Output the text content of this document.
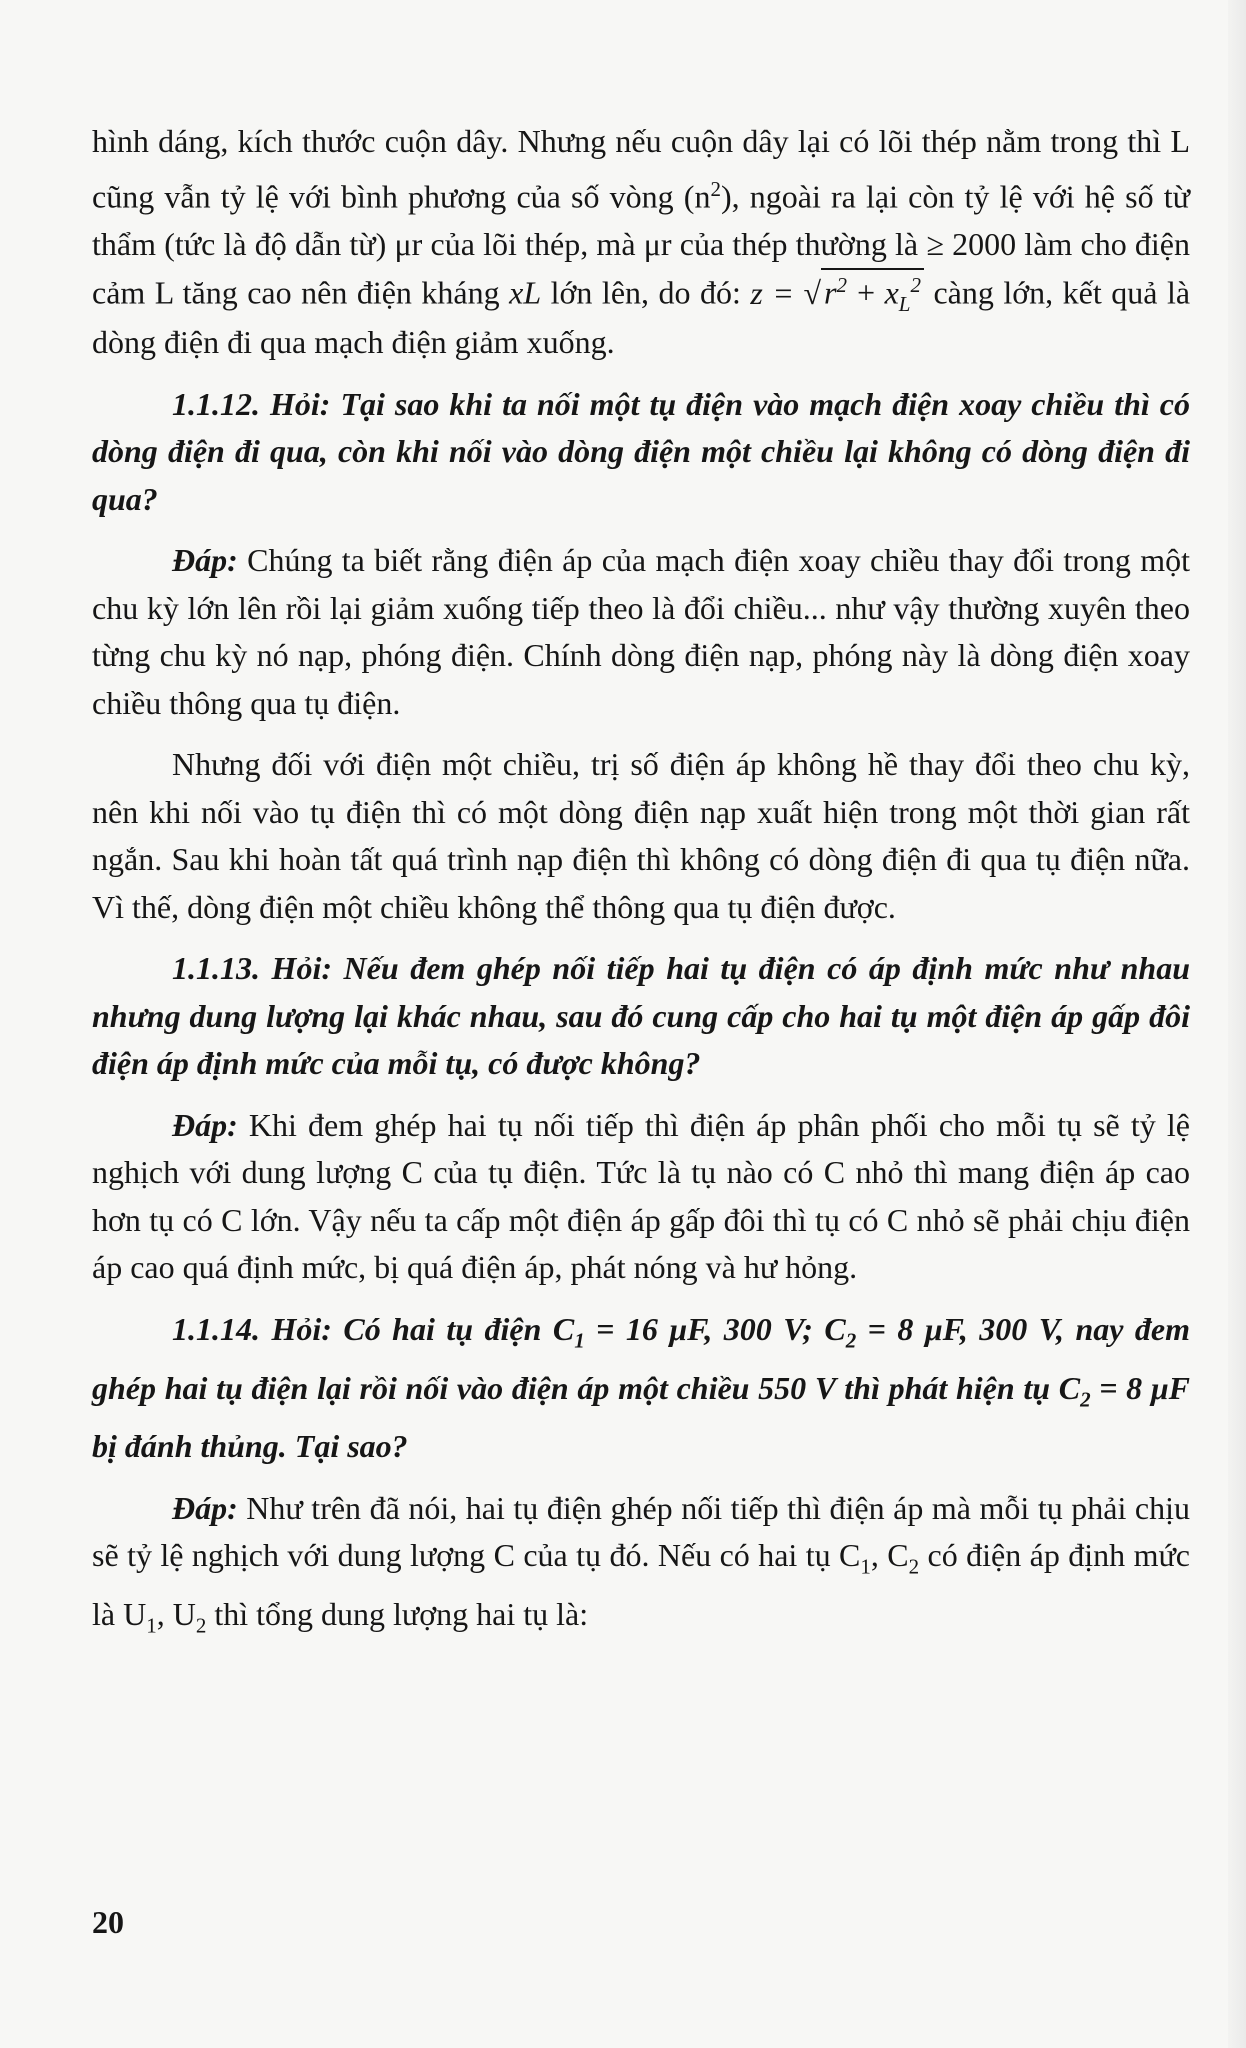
hình dáng, kích thước cuộn dây. Nhưng nếu cuộn dây lại có lõi thép nằm trong thì L cũng vẫn tỷ lệ với bình phương của số vòng $(n^2)$, ngoài ra lại còn tỷ lệ với hệ số từ thẩm (tức là độ dẫn từ) μr của lõi thép, mà μr của thép thường là ≥ 2000 làm cho điện cảm L tăng cao nên điện kháng xL lớn lên, do đó: $z = √r^2 + x_L^2$ càng lớn, kết quả là dòng điện đi qua mạch điện giảm xuống.

1.1.12. Hỏi: Tại sao khi ta nối một tụ điện vào mạch điện xoay chiều thì có dòng điện đi qua, còn khi nối vào dòng điện một chiều lại không có dòng điện đi qua?

Đáp: Chúng ta biết rằng điện áp của mạch điện xoay chiều thay đổi trong một chu kỳ lớn lên rồi lại giảm xuống tiếp theo là đổi chiều... như vậy thường xuyên theo từng chu kỳ nó nạp, phóng điện. Chính dòng điện nạp, phóng này là dòng điện xoay chiều thông qua tụ điện.

Nhưng đối với điện một chiều, trị số điện áp không hề thay đổi theo chu kỳ, nên khi nối vào tụ điện thì có một dòng điện nạp xuất hiện trong một thời gian rất ngắn. Sau khi hoàn tất quá trình nạp điện thì không có dòng điện đi qua tụ điện nữa. Vì thế, dòng điện một chiều không thể thông qua tụ điện được.

1.1.13. Hỏi: Nếu đem ghép nối tiếp hai tụ điện có áp định mức như nhau nhưng dung lượng lại khác nhau, sau đó cung cấp cho hai tụ một điện áp gấp đôi điện áp định mức của mỗi tụ, có được không?

Đáp: Khi đem ghép hai tụ nối tiếp thì điện áp phân phối cho mỗi tụ sẽ tỷ lệ nghịch với dung lượng C của tụ điện. Tức là tụ nào có C nhỏ thì mang điện áp cao hơn tụ có C lớn. Vậy nếu ta cấp một điện áp gấp đôi thì tụ có C nhỏ sẽ phải chịu điện áp cao quá định mức, bị quá điện áp, phát nóng và hư hỏng.

1.1.14. Hỏi: Có hai tụ điện $C_1 = 16$ μF, 300 V; $C_2 = 8$ μF, 300 V, nay đem ghép hai tụ điện lại rồi nối vào điện áp một chiều 550 V thì phát hiện tụ $C_2 = 8$ μF bị đánh thủng. Tại sao?

Đáp: Như trên đã nói, hai tụ điện ghép nối tiếp thì điện áp mà mỗi tụ phải chịu sẽ tỷ lệ nghịch với dung lượng C của tụ đó. Nếu có hai tụ $C_1$, $C_2$ có điện áp định mức là $U_1$, $U_2$ thì tổng dung lượng hai tụ là:

20
